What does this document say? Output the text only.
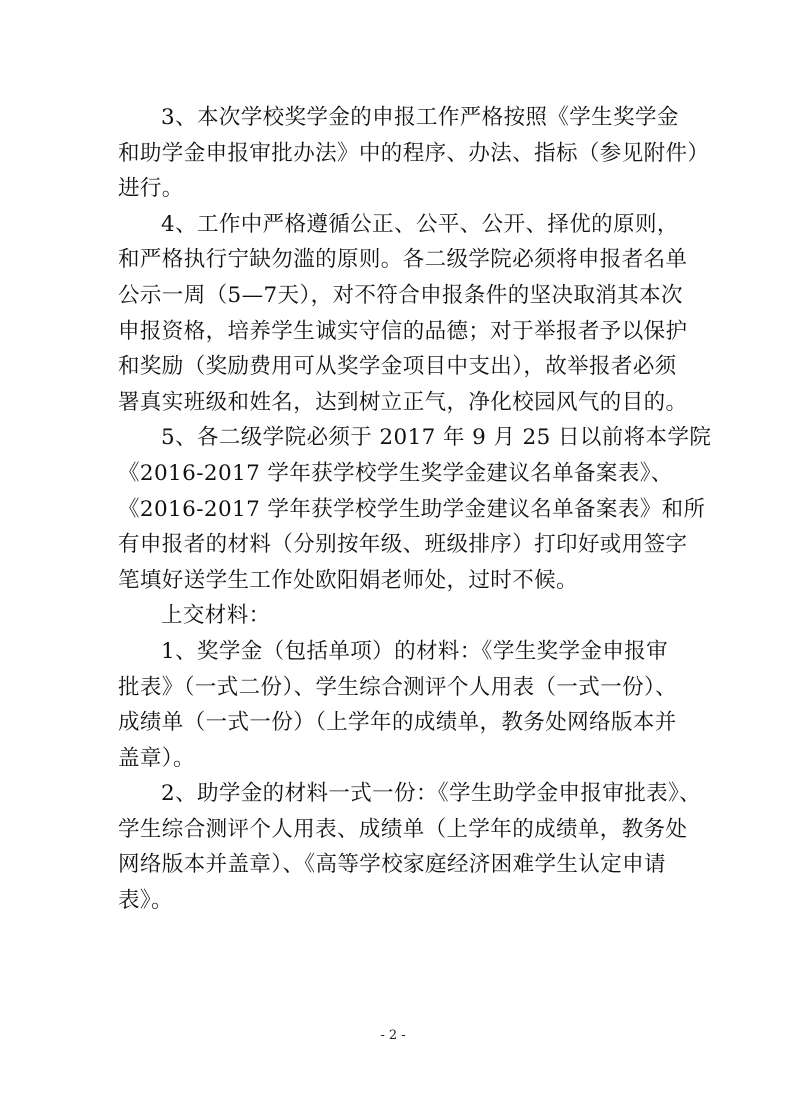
3、本次学校奖学金的申报工作严格按照《学生奖学金
和助学金申报审批办法》中的程序、办法、指标（参见附件）
进行。

4、工作中严格遵循公正、公平、公开、择优的原则，
和严格执行宁缺勿滥的原则。各二级学院必须将申报者名单
公示一周（5—7天），对不符合申报条件的坚决取消其本次
申报资格，培养学生诚实守信的品德；对于举报者予以保护
和奖励（奖励费用可从奖学金项目中支出），故举报者必须
署真实班级和姓名，达到树立正气，净化校园风气的目的。

5、各二级学院必须于 2017 年 9 月 25 日以前将本学院
《2016-2017 学年获学校学生奖学金建议名单备案表》、
《2016-2017 学年获学校学生助学金建议名单备案表》和所
有申报者的材料（分别按年级、班级排序）打印好或用签字
笔填好送学生工作处欧阳娟老师处，过时不候。

上交材料：

1、奖学金（包括单项）的材料：《学生奖学金申报审
批表》（一式二份）、学生综合测评个人用表（一式一份）、
成绩单（一式一份）（上学年的成绩单，教务处网络版本并
盖章）。

2、助学金的材料一式一份：《学生助学金申报审批表》、
学生综合测评个人用表、成绩单（上学年的成绩单，教务处
网络版本并盖章）、《高等学校家庭经济困难学生认定申请
表》。

- 2 -
